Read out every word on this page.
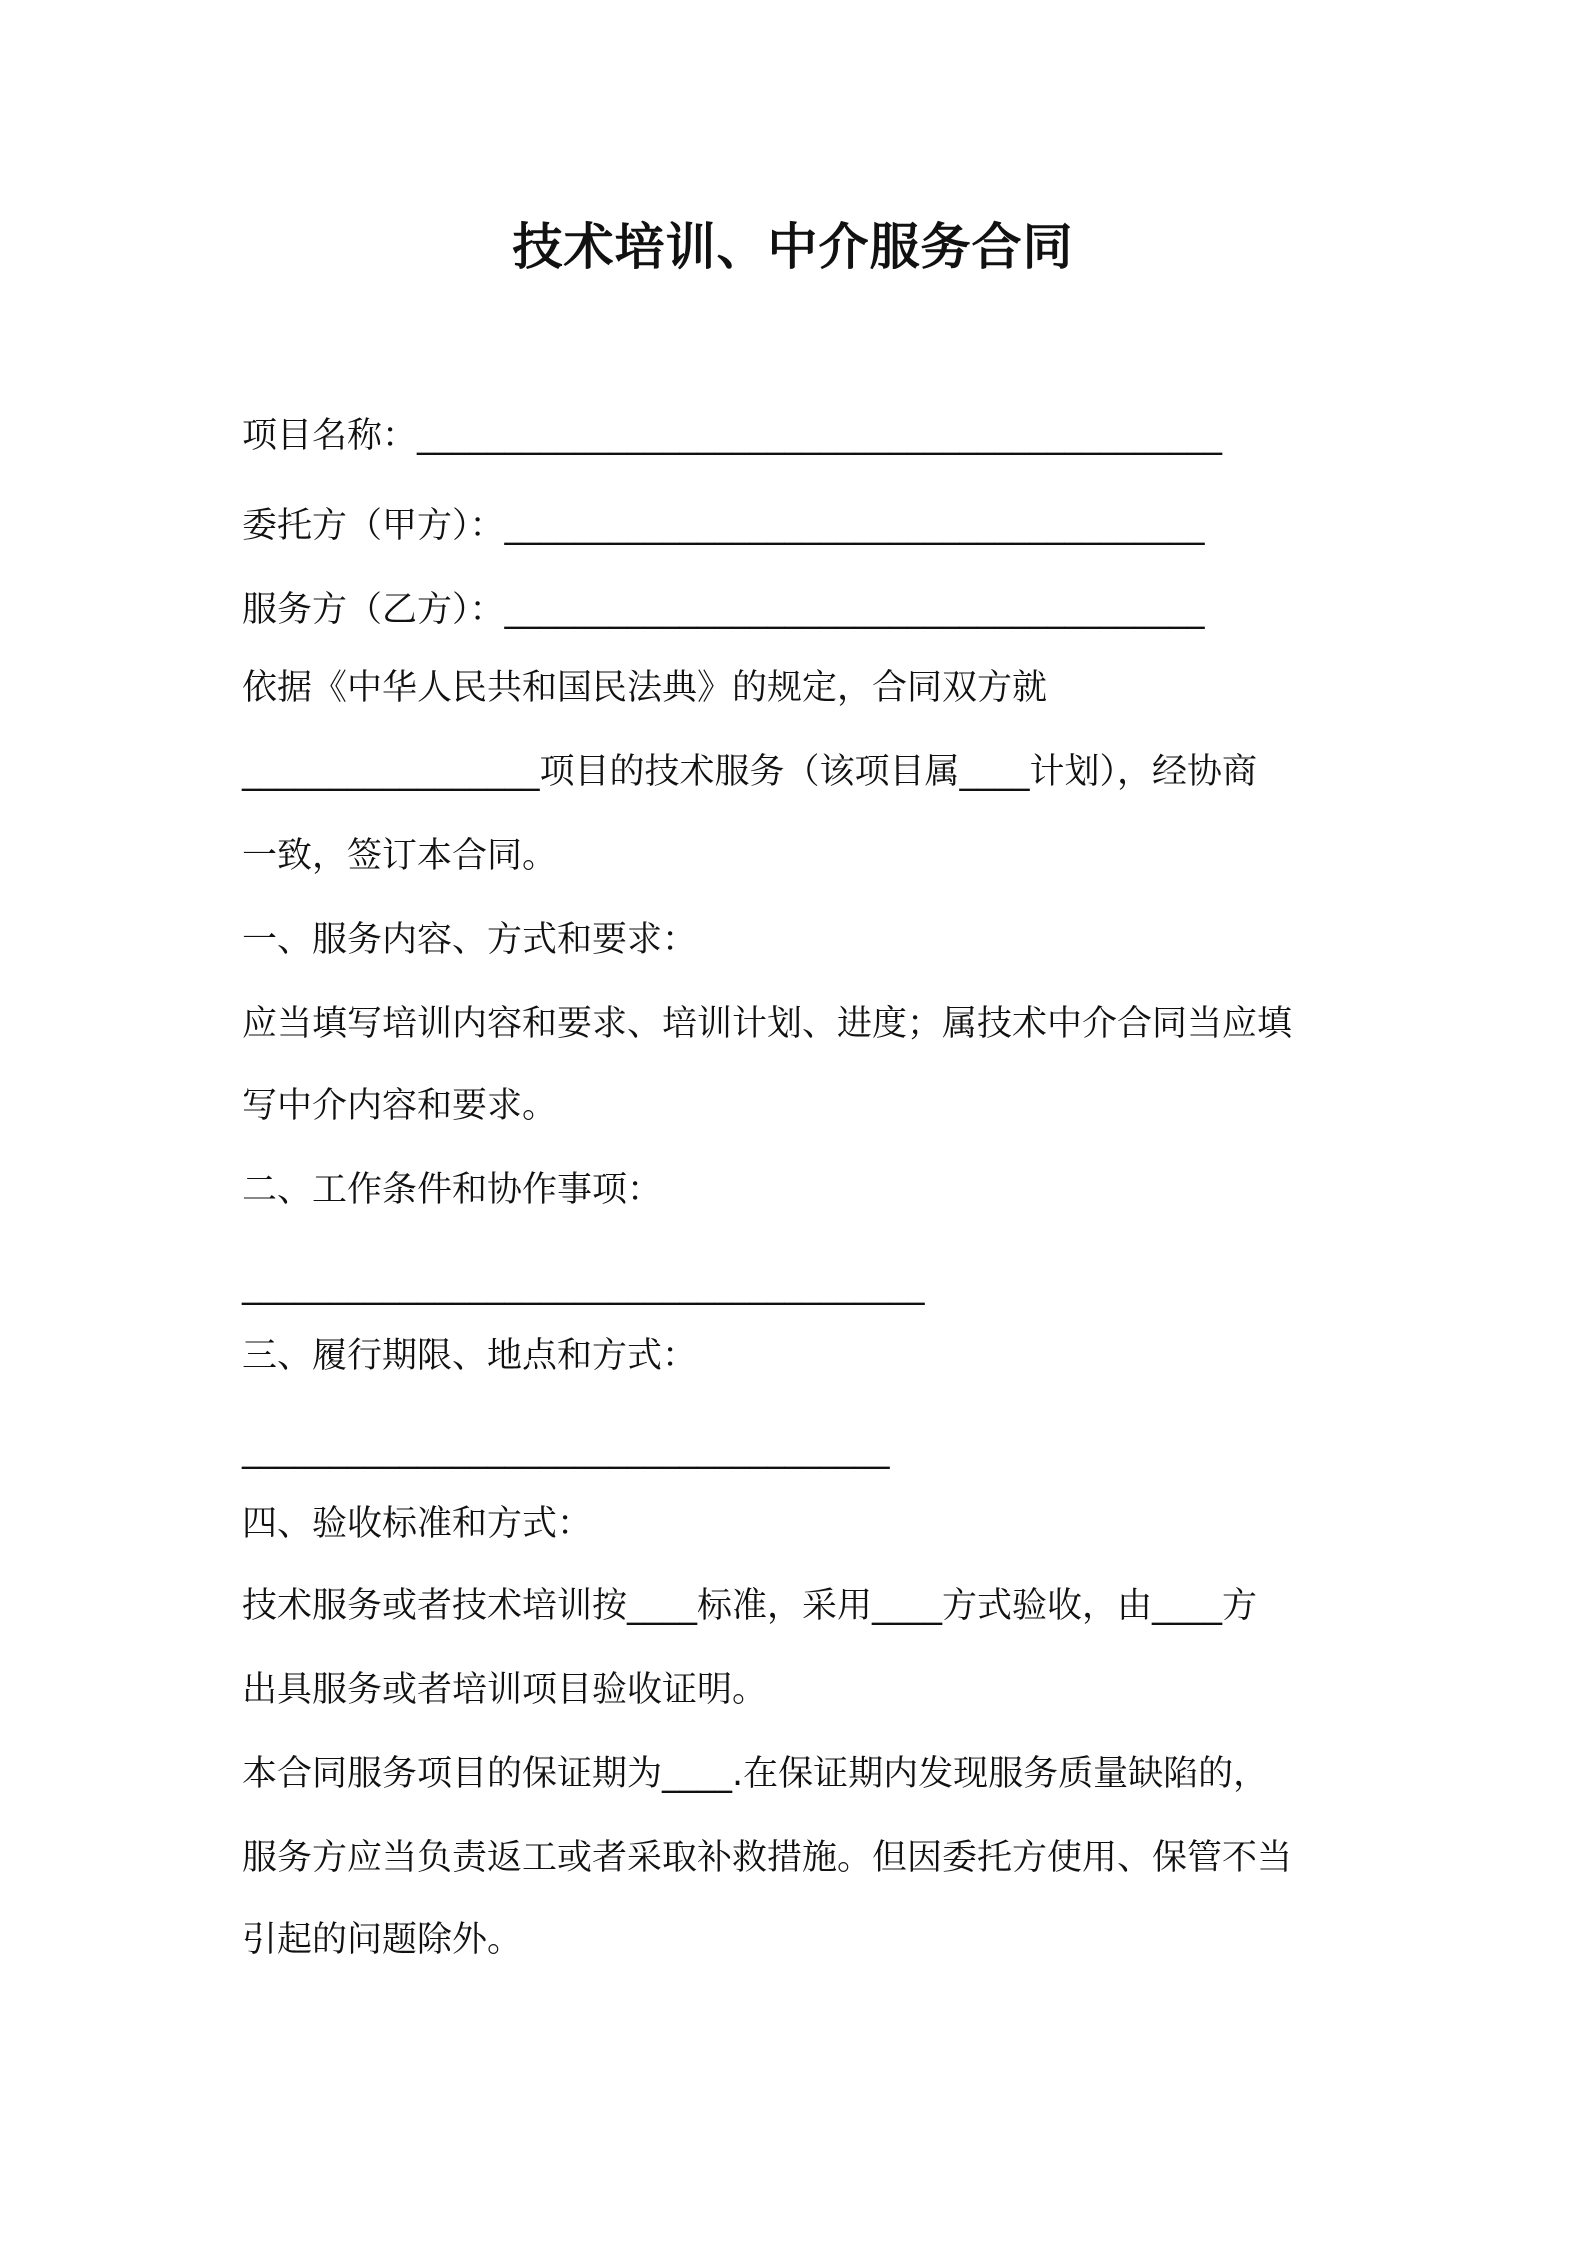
技术培训、中介服务合同
项目名称：______________________________________________
委托方（甲方）：________________________________________
服务方（乙方）：________________________________________
依据《中华人民共和国民法典》的规定，合同双方就
_________________项目的技术服务（该项目属____计划），经协商
一致，签订本合同。
一、服务内容、方式和要求：
应当填写培训内容和要求、培训计划、进度；属技术中介合同当应填
写中介内容和要求。
二、工作条件和协作事项：
_______________________________________
三、履行期限、地点和方式：
_____________________________________
四、验收标准和方式：
技术服务或者技术培训按____标准，采用____方式验收，由____方
出具服务或者培训项目验收证明。
本合同服务项目的保证期为____.在保证期内发现服务质量缺陷的，
服务方应当负责返工或者采取补救措施。但因委托方使用、保管不当
引起的问题除外。
